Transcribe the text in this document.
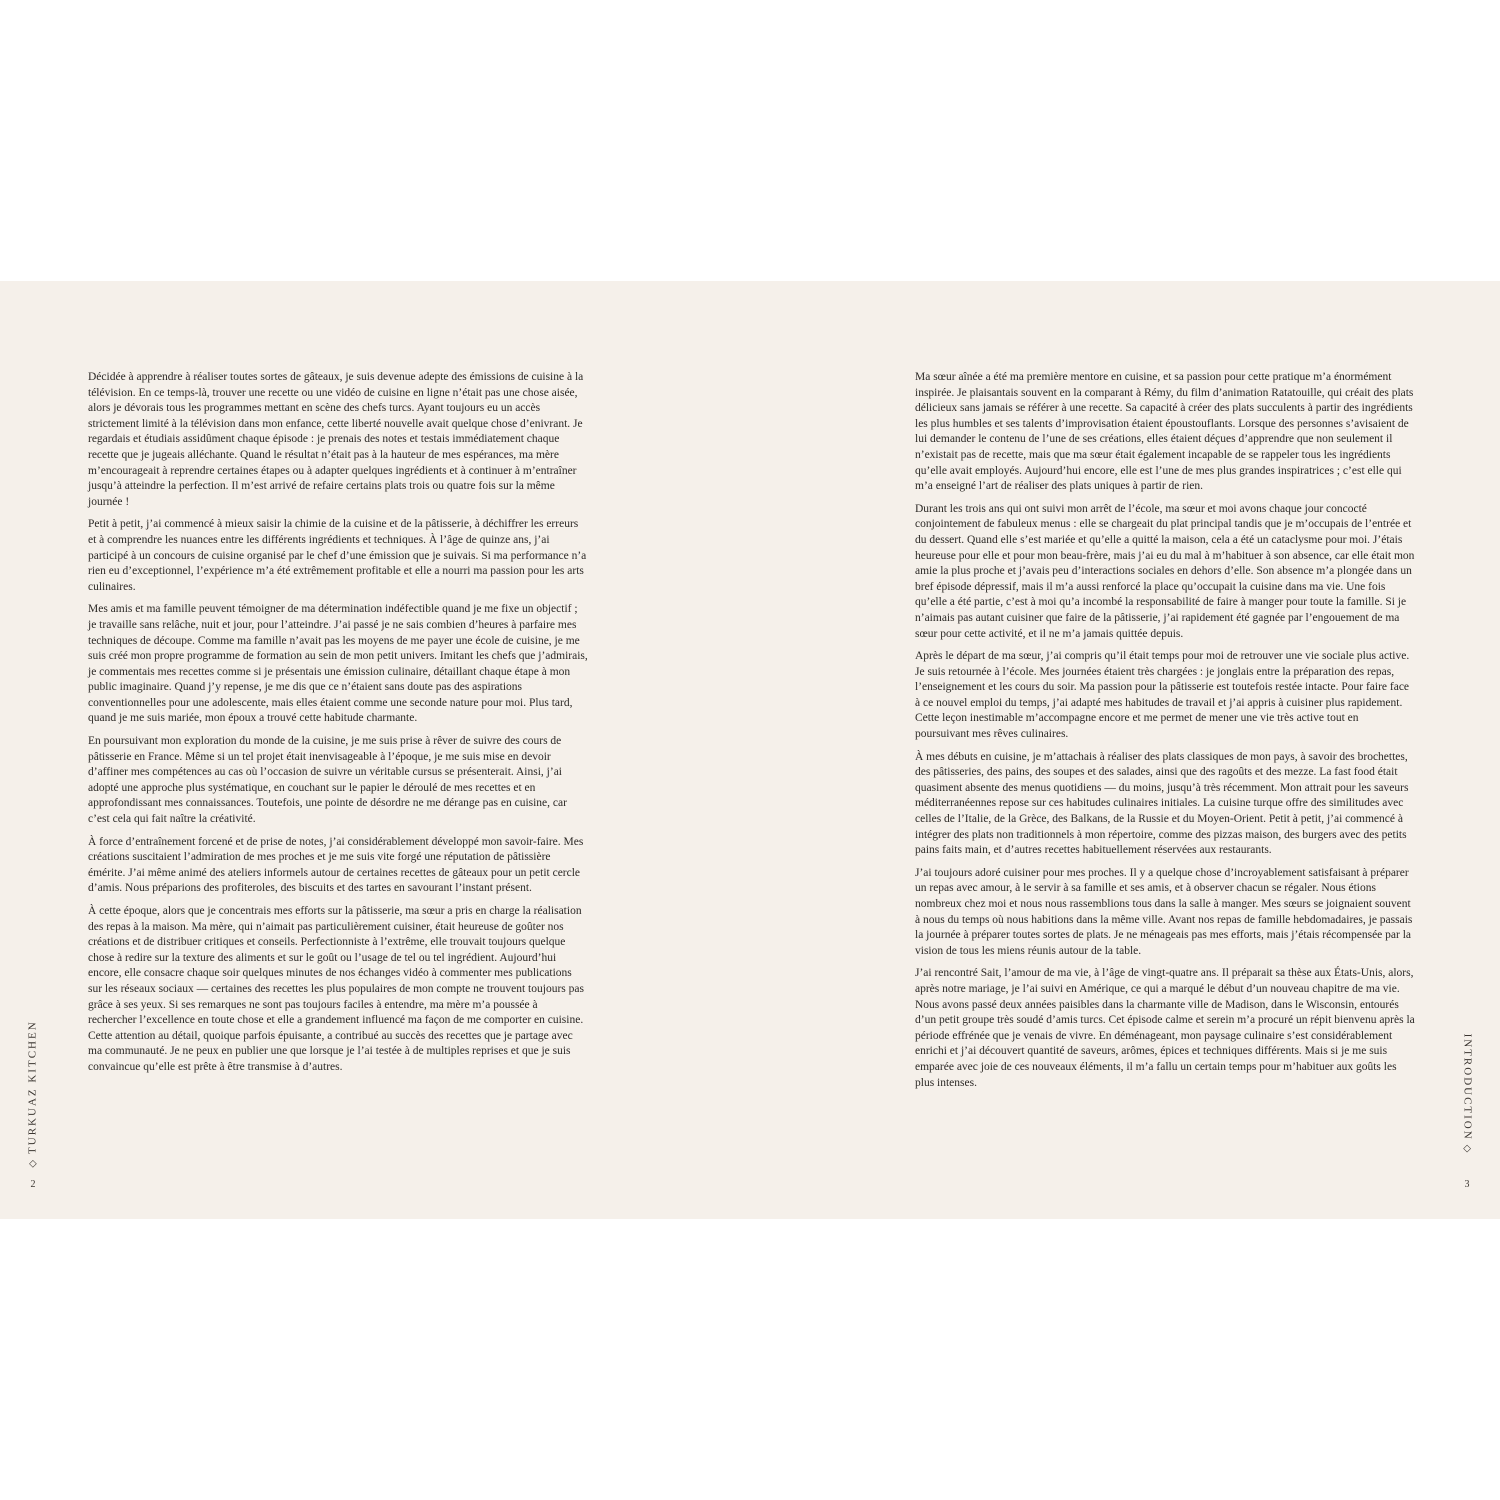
Décidée à apprendre à réaliser toutes sortes de gâteaux, je suis devenue adepte des émissions de cuisine à la télévision. En ce temps-là, trouver une recette ou une vidéo de cuisine en ligne n’était pas une chose aisée, alors je dévorais tous les programmes mettant en scène des chefs turcs. Ayant toujours eu un accès strictement limité à la télévision dans mon enfance, cette liberté nouvelle avait quelque chose d’enivrant. Je regardais et étudiais assidûment chaque épisode : je prenais des notes et testais immédiatement chaque recette que je jugeais alléchante. Quand le résultat n’était pas à la hauteur de mes espérances, ma mère m’encourageait à reprendre certaines étapes ou à adapter quelques ingrédients et à continuer à m’entraîner jusqu’à atteindre la perfection. Il m’est arrivé de refaire certains plats trois ou quatre fois sur la même journée !

Petit à petit, j’ai commencé à mieux saisir la chimie de la cuisine et de la pâtisserie, à déchiffrer les erreurs et à comprendre les nuances entre les différents ingrédients et techniques. À l’âge de quinze ans, j’ai participé à un concours de cuisine organisé par le chef d’une émission que je suivais. Si ma performance n’a rien eu d’exceptionnel, l’expérience m’a été extrêmement profitable et elle a nourri ma passion pour les arts culinaires.

Mes amis et ma famille peuvent témoigner de ma détermination indéfectible quand je me fixe un objectif ; je travaille sans relâche, nuit et jour, pour l’atteindre. J’ai passé je ne sais combien d’heures à parfaire mes techniques de découpe. Comme ma famille n’avait pas les moyens de me payer une école de cuisine, je me suis créé mon propre programme de formation au sein de mon petit univers. Imitant les chefs que j’admirais, je commentais mes recettes comme si je présentais une émission culinaire, détaillant chaque étape à mon public imaginaire. Quand j’y repense, je me dis que ce n’étaient sans doute pas des aspirations conventionnelles pour une adolescente, mais elles étaient comme une seconde nature pour moi. Plus tard, quand je me suis mariée, mon époux a trouvé cette habitude charmante.

En poursuivant mon exploration du monde de la cuisine, je me suis prise à rêver de suivre des cours de pâtisserie en France. Même si un tel projet était inenvisageable à l’époque, je me suis mise en devoir d’affiner mes compétences au cas où l’occasion de suivre un véritable cursus se présenterait. Ainsi, j’ai adopté une approche plus systématique, en couchant sur le papier le déroulé de mes recettes et en approfondissant mes connaissances. Toutefois, une pointe de désordre ne me dérange pas en cuisine, car c’est cela qui fait naître la créativité.

À force d’entraînement forcené et de prise de notes, j’ai considérablement développé mon savoir-faire. Mes créations suscitaient l’admiration de mes proches et je me suis vite forgé une réputation de pâtissière émérite. J’ai même animé des ateliers informels autour de certaines recettes de gâteaux pour un petit cercle d’amis. Nous préparions des profiteroles, des biscuits et des tartes en savourant l’instant présent.

À cette époque, alors que je concentrais mes efforts sur la pâtisserie, ma sœur a pris en charge la réalisation des repas à la maison. Ma mère, qui n’aimait pas particulièrement cuisiner, était heureuse de goûter nos créations et de distribuer critiques et conseils. Perfectionniste à l’extrême, elle trouvait toujours quelque chose à redire sur la texture des aliments et sur le goût ou l’usage de tel ou tel ingrédient. Aujourd’hui encore, elle consacre chaque soir quelques minutes de nos échanges vidéo à commenter mes publications sur les réseaux sociaux — certaines des recettes les plus populaires de mon compte ne trouvent toujours pas grâce à ses yeux. Si ses remarques ne sont pas toujours faciles à entendre, ma mère m’a poussée à rechercher l’excellence en toute chose et elle a grandement influencé ma façon de me comporter en cuisine. Cette attention au détail, quoique parfois épuisante, a contribué au succès des recettes que je partage avec ma communauté. Je ne peux en publier une que lorsque je l’ai testée à de multiples reprises et que je suis convaincue qu’elle est prête à être transmise à d’autres.

Ma sœur aînée a été ma première mentore en cuisine, et sa passion pour cette pratique m’a énormément inspirée. Je plaisantais souvent en la comparant à Rémy, du film d’animation Ratatouille, qui créait des plats délicieux sans jamais se référer à une recette. Sa capacité à créer des plats succulents à partir des ingrédients les plus humbles et ses talents d’improvisation étaient époustouflants. Lorsque des personnes s’avisaient de lui demander le contenu de l’une de ses créations, elles étaient déçues d’apprendre que non seulement il n’existait pas de recette, mais que ma sœur était également incapable de se rappeler tous les ingrédients qu’elle avait employés. Aujourd’hui encore, elle est l’une de mes plus grandes inspiratrices ; c’est elle qui m’a enseigné l’art de réaliser des plats uniques à partir de rien.

Durant les trois ans qui ont suivi mon arrêt de l’école, ma sœur et moi avons chaque jour concocté conjointement de fabuleux menus : elle se chargeait du plat principal tandis que je m’occupais de l’entrée et du dessert. Quand elle s’est mariée et qu’elle a quitté la maison, cela a été un cataclysme pour moi. J’étais heureuse pour elle et pour mon beau-frère, mais j’ai eu du mal à m’habituer à son absence, car elle était mon amie la plus proche et j’avais peu d’interactions sociales en dehors d’elle. Son absence m’a plongée dans un bref épisode dépressif, mais il m’a aussi renforcé la place qu’occupait la cuisine dans ma vie. Une fois qu’elle a été partie, c’est à moi qu’a incombé la responsabilité de faire à manger pour toute la famille. Si je n’aimais pas autant cuisiner que faire de la pâtisserie, j’ai rapidement été gagnée par l’engouement de ma sœur pour cette activité, et il ne m’a jamais quittée depuis.

Après le départ de ma sœur, j’ai compris qu’il était temps pour moi de retrouver une vie sociale plus active. Je suis retournée à l’école. Mes journées étaient très chargées : je jonglais entre la préparation des repas, l’enseignement et les cours du soir. Ma passion pour la pâtisserie est toutefois restée intacte. Pour faire face à ce nouvel emploi du temps, j’ai adapté mes habitudes de travail et j’ai appris à cuisiner plus rapidement. Cette leçon inestimable m’accompagne encore et me permet de mener une vie très active tout en poursuivant mes rêves culinaires.

À mes débuts en cuisine, je m’attachais à réaliser des plats classiques de mon pays, à savoir des brochettes, des pâtisseries, des pains, des soupes et des salades, ainsi que des ragoûts et des mezze. La fast food était quasiment absente des menus quotidiens — du moins, jusqu’à très récemment. Mon attrait pour les saveurs méditerranéennes repose sur ces habitudes culinaires initiales. La cuisine turque offre des similitudes avec celles de l’Italie, de la Grèce, des Balkans, de la Russie et du Moyen-Orient. Petit à petit, j’ai commencé à intégrer des plats non traditionnels à mon répertoire, comme des pizzas maison, des burgers avec des petits pains faits main, et d’autres recettes habituellement réservées aux restaurants.

J’ai toujours adoré cuisiner pour mes proches. Il y a quelque chose d’incroyablement satisfaisant à préparer un repas avec amour, à le servir à sa famille et ses amis, et à observer chacun se régaler. Nous étions nombreux chez moi et nous nous rassemblions tous dans la salle à manger. Mes sœurs se joignaient souvent à nous du temps où nous habitions dans la même ville. Avant nos repas de famille hebdomadaires, je passais la journée à préparer toutes sortes de plats. Je ne ménageais pas mes efforts, mais j’étais récompensée par la vision de tous les miens réunis autour de la table.

J’ai rencontré Sait, l’amour de ma vie, à l’âge de vingt-quatre ans. Il préparait sa thèse aux États-Unis, alors, après notre mariage, je l’ai suivi en Amérique, ce qui a marqué le début d’un nouveau chapitre de ma vie. Nous avons passé deux années paisibles dans la charmante ville de Madison, dans le Wisconsin, entourés d’un petit groupe très soudé d’amis turcs. Cet épisode calme et serein m’a procuré un répit bienvenu après la période effrénée que je venais de vivre. En déménageant, mon paysage culinaire s’est considérablement enrichi et j’ai découvert quantité de saveurs, arômes, épices et techniques différents. Mais si je me suis emparée avec joie de ces nouveaux éléments, il m’a fallu un certain temps pour m’habituer aux goûts les plus intenses.

◇TURKUAZ KITCHEN
2
INTRODUCTION◇
3
